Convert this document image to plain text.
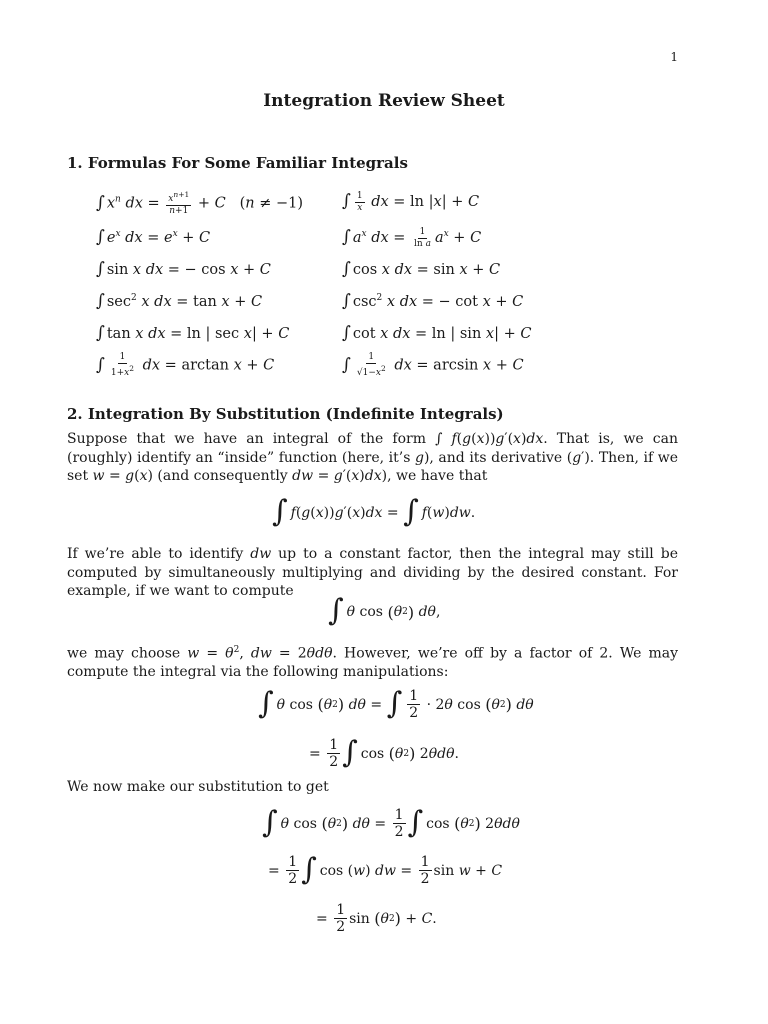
1
Integration Review Sheet
1. Formulas For Some Familiar Integrals
∫ $x^n$ dx = $\frac{x^{n+1}}{n+1} + C$   (n ≠ −1) ∫ $\frac{1}{x}$ dx = ln |x| + C
∫ $e^x$ dx = $e^x + C$	∫ $a^x$ dx = $\frac{1}{\text{ln a}} a^x + C$
∫ sin x dx = − cos x + C	∫ cos x dx = sin x + C
∫ $\sec^2 x$ dx = tan x + C	∫ $\csc^2 x$ dx = − cot x + C
∫ tan x dx = ln | sec x| + C	∫ cot x dx = ln | sin x| + C
∫ $\frac{1}{1+x^2}$ dx = arctan x + C	∫ $\frac{1}{√1-x^2}$ dx = arcsin x + C
2. Integration By Substitution (Indefinite Integrals)
Suppose that we have an integral of the form ∫ f(g(x))g′(x)dx. That is, we can (roughly) identify an “inside” function (here, it’s g), and its derivative (g′). Then, if we set w = g(x) (and consequently dw = g′(x)dx), we have that
∫ f ( g ( x )) g ′( x ) dx = ∫ f ( w ) dw .
If we’re able to identify dw up to a constant factor, then the integral may still be computed by simultaneously multiplying and dividing by the desired constant. For example, if we want to compute
∫ θ cos ( θ 2 )
dθ ,
we may choose $w = \theta^2$, dw = 2θdθ. However, we’re off by a factor of 2. We may compute the integral via the following manipulations:
∫ θ cos ( θ 2 )
dθ = ∫ $\frac{1}{2} \cdot 2$ θ cos ( θ 2 )
dθ
= $\frac{1}{2}$ ∫ cos ( θ 2 ) 2 θdθ .
We now make our substitution to get
∫ θ cos ( θ 2 )
$d\theta = \frac{1}{2}$ ∫ cos ( θ 2 ) 2 θdθ
= $\frac{1}{2}$ ∫ cos ( w ) dw = $\frac{1}{2}$ sin w + C
= $\frac{1}{2}$ sin ( θ 2 ) + C .
